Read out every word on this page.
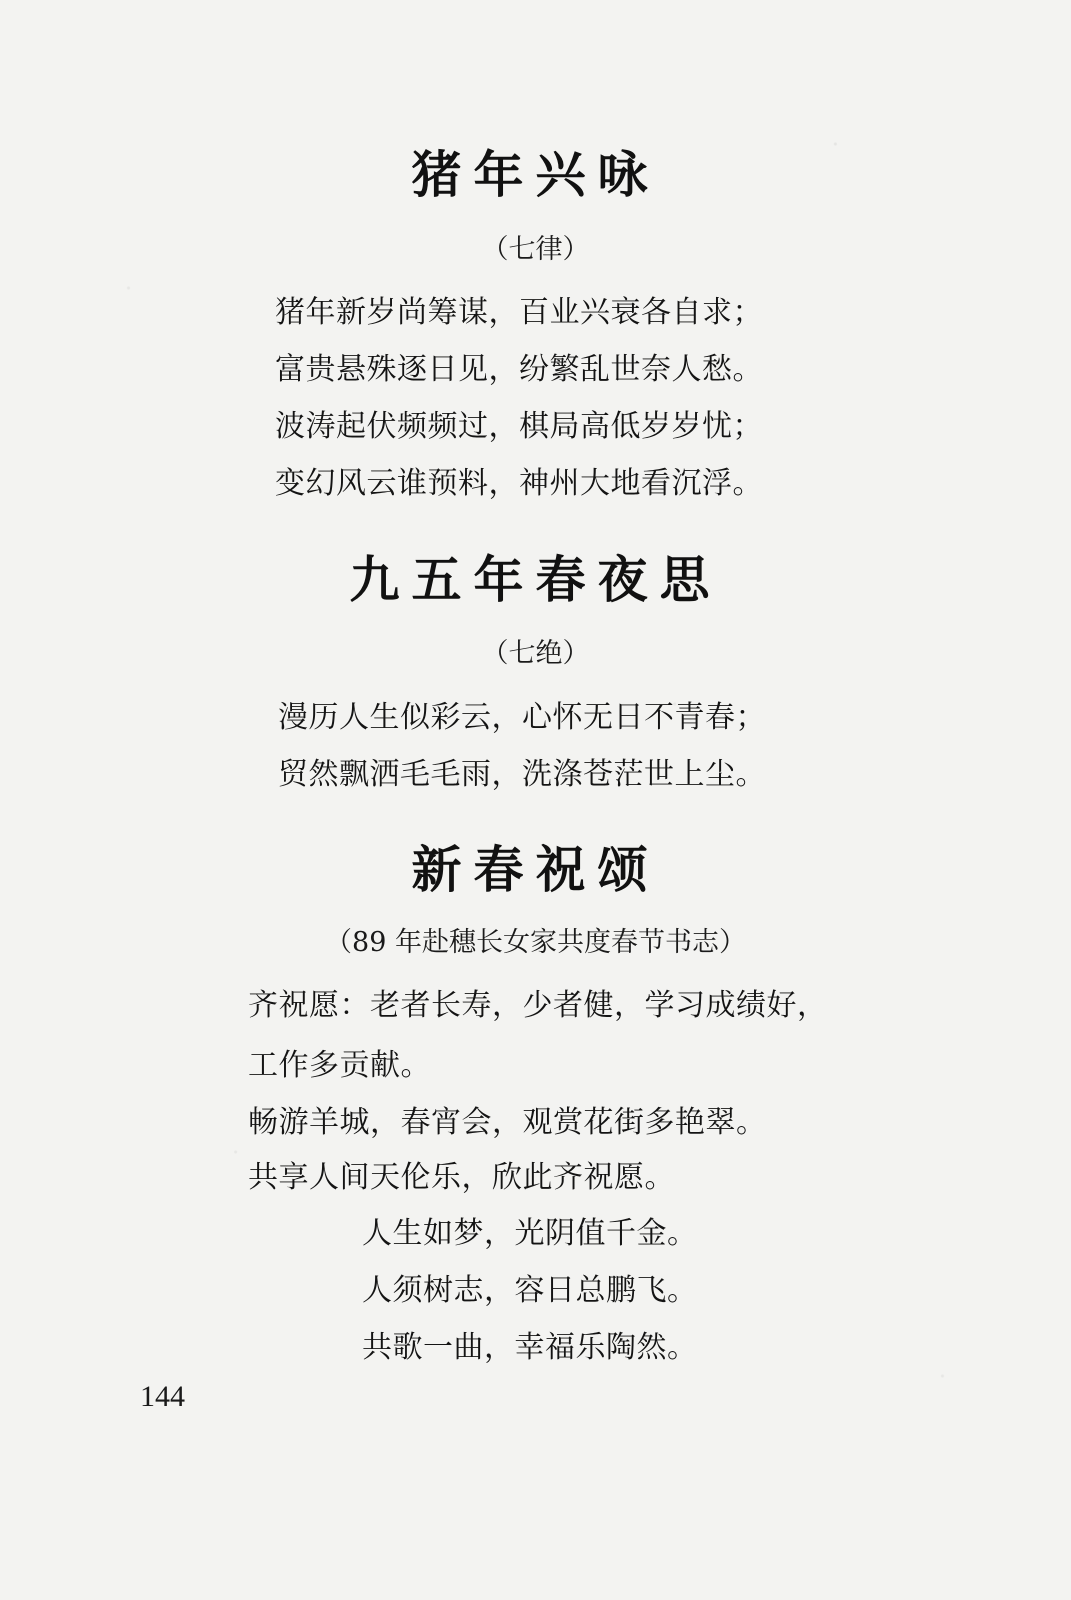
猪年兴咏
（七律）
猪年新岁尚筹谋，百业兴衰各自求；
富贵悬殊逐日见，纷繁乱世奈人愁。
波涛起伏频频过，棋局高低岁岁忧；
变幻风云谁预料，神州大地看沉浮。
九五年春夜思
（七绝）
漫历人生似彩云，心怀无日不青春；
贸然飘洒毛毛雨，洗涤苍茫世上尘。
新春祝颂
（89 年赴穗长女家共度春节书志）
齐祝愿：老者长寿，少者健，学习成绩好，
工作多贡献。
畅游羊城，春宵会，观赏花街多艳翠。
共享人间天伦乐，欣此齐祝愿。
人生如梦，光阴值千金。
人须树志，容日总鹏飞。
共歌一曲，幸福乐陶然。
144
